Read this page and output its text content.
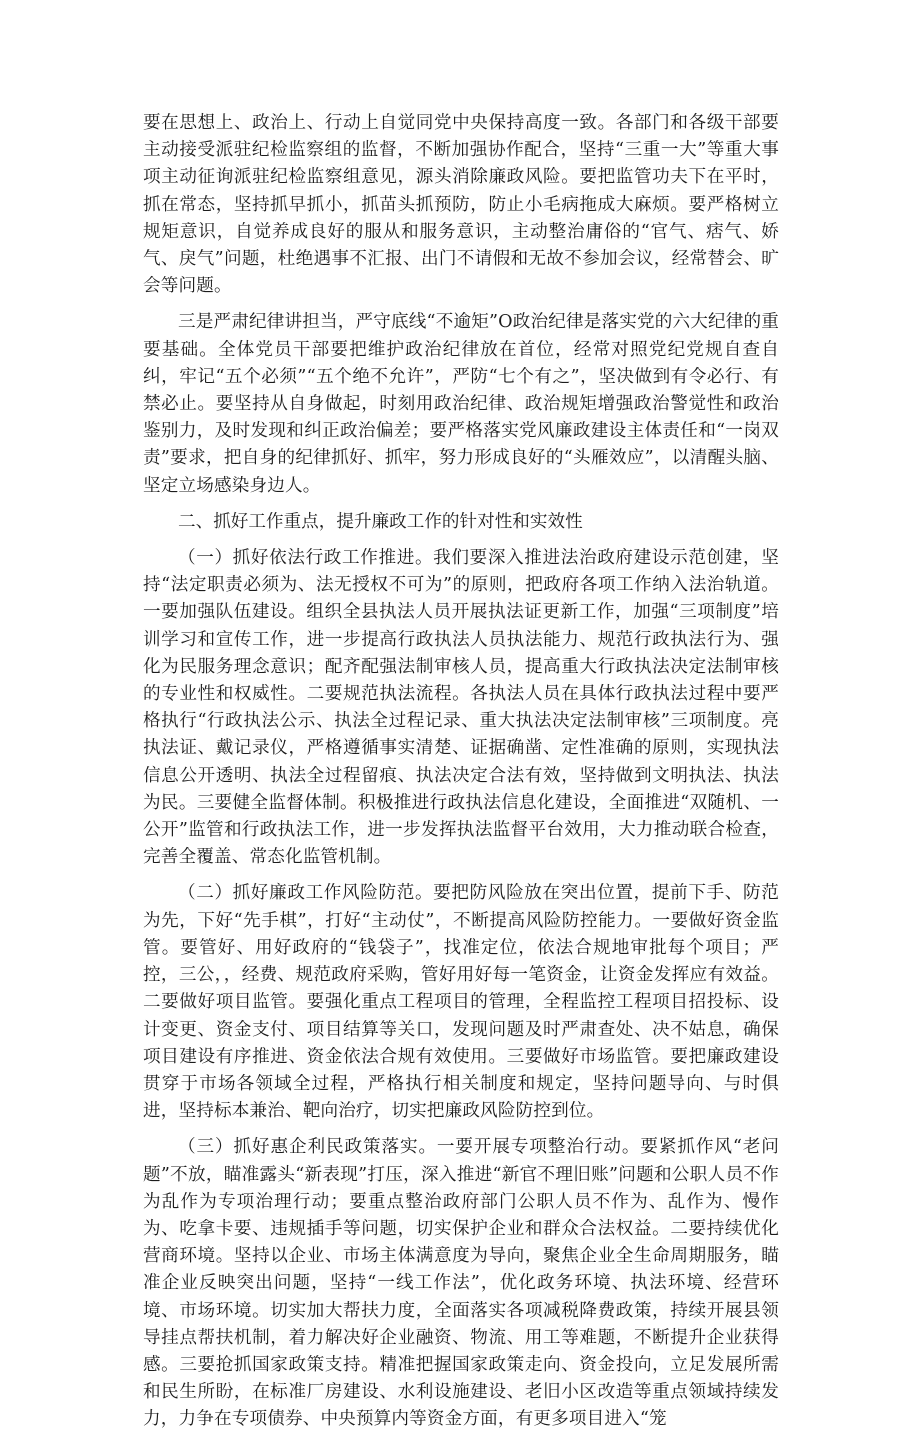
要在思想上、政治上、行动上自觉同党中央保持高度一致。各部门和各级干部要主动接受派驻纪检监察组的监督，不断加强协作配合，坚持“三重一大”等重大事项主动征询派驻纪检监察组意见，源头消除廉政风险。要把监管功夫下在平时，抓在常态，坚持抓早抓小，抓苗头抓预防，防止小毛病拖成大麻烦。要严格树立规矩意识，自觉养成良好的服从和服务意识，主动整治庸俗的“官气、痞气、娇气、戾气”问题，杜绝遇事不汇报、出门不请假和无故不参加会议，经常替会、旷会等问题。

三是严肃纪律讲担当，严守底线“不逾矩”O政治纪律是落实党的六大纪律的重要基础。全体党员干部要把维护政治纪律放在首位，经常对照党纪党规自查自纠，牢记“五个必须”“五个绝不允许”，严防“七个有之”，坚决做到有令必行、有禁必止。要坚持从自身做起，时刻用政治纪律、政治规矩增强政治警觉性和政治鉴别力，及时发现和纠正政治偏差；要严格落实党风廉政建设主体责任和“一岗双责”要求，把自身的纪律抓好、抓牢，努力形成良好的“头雁效应”，以清醒头脑、坚定立场感染身边人。

二、抓好工作重点，提升廉政工作的针对性和实效性

（一）抓好依法行政工作推进。我们要深入推进法治政府建设示范创建，坚持“法定职责必须为、法无授权不可为”的原则，把政府各项工作纳入法治轨道。一要加强队伍建设。组织全县执法人员开展执法证更新工作，加强“三项制度”培训学习和宣传工作，进一步提高行政执法人员执法能力、规范行政执法行为、强化为民服务理念意识；配齐配强法制审核人员，提高重大行政执法决定法制审核的专业性和权威性。二要规范执法流程。各执法人员在具体行政执法过程中要严格执行“行政执法公示、执法全过程记录、重大执法决定法制审核”三项制度。亮执法证、戴记录仪，严格遵循事实清楚、证据确凿、定性准确的原则，实现执法信息公开透明、执法全过程留痕、执法决定合法有效，坚持做到文明执法、执法为民。三要健全监督体制。积极推进行政执法信息化建设，全面推进“双随机、一公开”监管和行政执法工作，进一步发挥执法监督平台效用，大力推动联合检查，完善全覆盖、常态化监管机制。

（二）抓好廉政工作风险防范。要把防风险放在突出位置，提前下手、防范为先，下好“先手棋”，打好“主动仗”，不断提高风险防控能力。一要做好资金监管。要管好、用好政府的“钱袋子”，找准定位，依法合规地审批每个项目；严控，三公，，经费、规范政府采购，管好用好每一笔资金，让资金发挥应有效益。二要做好项目监管。要强化重点工程项目的管理，全程监控工程项目招投标、设计变更、资金支付、项目结算等关口，发现问题及时严肃查处、决不姑息，确保项目建设有序推进、资金依法合规有效使用。三要做好市场监管。要把廉政建设贯穿于市场各领域全过程，严格执行相关制度和规定，坚持问题导向、与时俱进，坚持标本兼治、靶向治疗，切实把廉政风险防控到位。

（三）抓好惠企利民政策落实。一要开展专项整治行动。要紧抓作风“老问题”不放，瞄准露头“新表现”打压，深入推进“新官不理旧账”问题和公职人员不作为乱作为专项治理行动；要重点整治政府部门公职人员不作为、乱作为、慢作为、吃拿卡要、违规插手等问题，切实保护企业和群众合法权益。二要持续优化营商环境。坚持以企业、市场主体满意度为导向，聚焦企业全生命周期服务，瞄准企业反映突出问题，坚持“一线工作法”，优化政务环境、执法环境、经营环境、市场环境。切实加大帮扶力度，全面落实各项减税降费政策，持续开展县领导挂点帮扶机制，着力解决好企业融资、物流、用工等难题，不断提升企业获得感。三要抢抓国家政策支持。精准把握国家政策走向、资金投向，立足发展所需和民生所盼，在标准厂房建设、水利设施建设、老旧小区改造等重点领域持续发力，力争在专项债券、中央预算内等资金方面，有更多项目进入“笼
